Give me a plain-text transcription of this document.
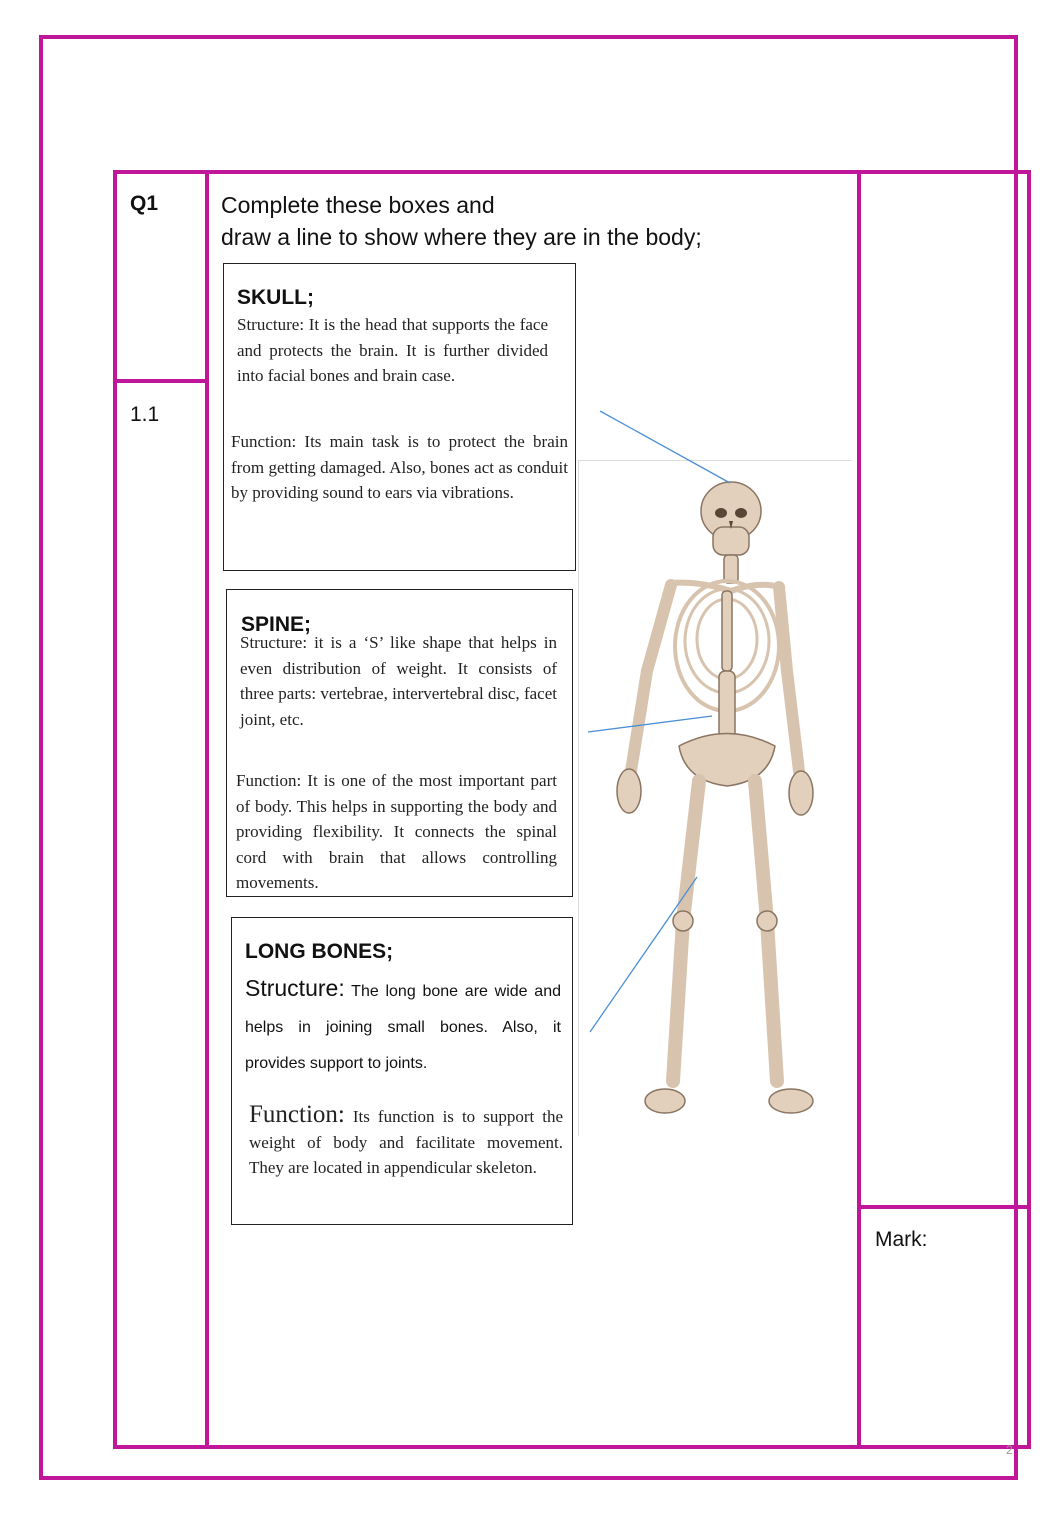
Q1
1.1
Complete these boxes and
draw a line to show where they are in the body;
SKULL;
Structure: It is the head that supports the face and protects the brain. It is further divided into facial bones and brain case.
Function: Its main task is to protect the brain from getting damaged. Also, bones act as conduit by providing sound to ears via vibrations.
SPINE;
Structure: it is a ‘S’ like shape that helps in even distribution of weight. It consists of three parts: vertebrae, intervertebral disc, facet joint, etc.
Function: It is one of the most important part of body. This helps in supporting the body and providing flexibility. It connects the spinal cord with brain that allows controlling movements.
LONG BONES;
Structure: The long bone are wide and helps in joining small bones. Also, it provides support to joints.
Function: Its function is to support the weight of body and facilitate movement. They are located in appendicular skeleton.
Mark:
2
